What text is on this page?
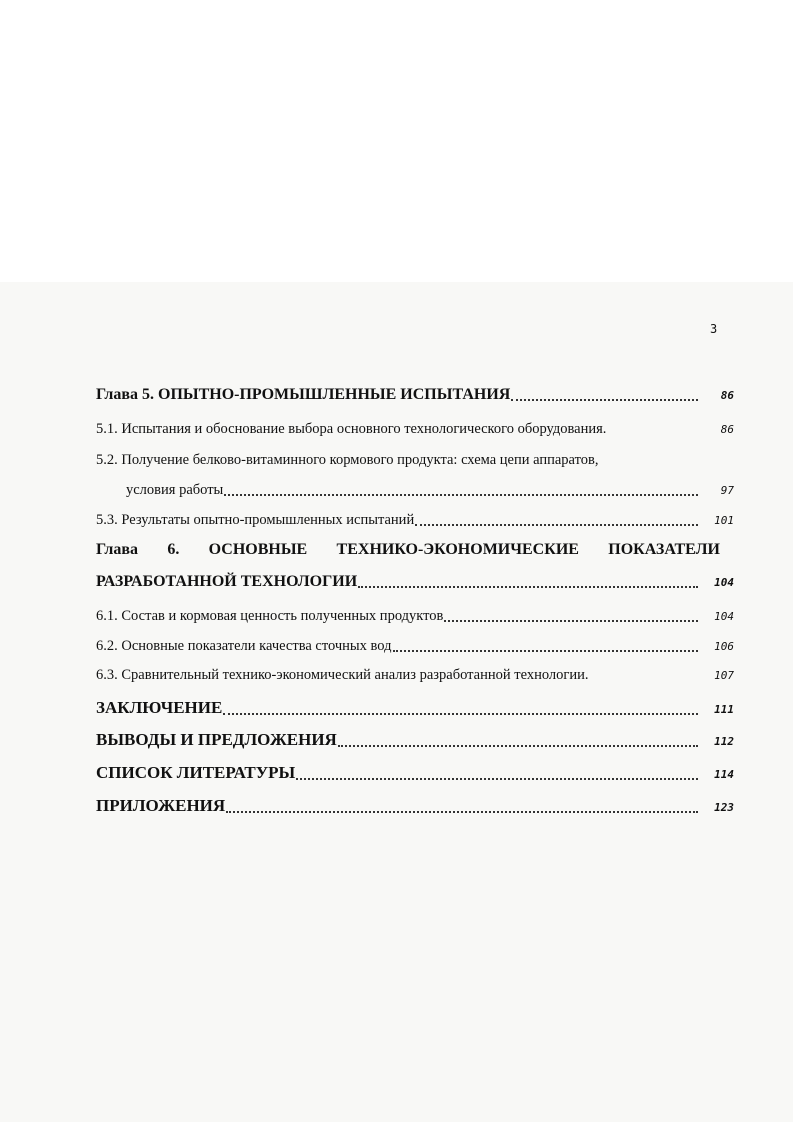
3
Глава 5. ОПЫТНО-ПРОМЫШЛЕННЫЕ ИСПЫТАНИЯ	86
5.1. Испытания и обоснование выбора основного технологического оборудования.	86
5.2. Получение белково-витаминного кормового продукта: схема цепи аппаратов,
условия работы	97
5.3. Результаты опытно-промышленных испытаний	101
Глава 6. ОСНОВНЫЕ ТЕХНИКО-ЭКОНОМИЧЕСКИЕ ПОКАЗАТЕЛИ
РАЗРАБОТАННОЙ ТЕХНОЛОГИИ	104
6.1. Состав и кормовая ценность полученных продуктов	104
6.2. Основные показатели качества сточных вод	106
6.3. Сравнительный технико-экономический анализ разработанной технологии.	107
ЗАКЛЮЧЕНИЕ	111
ВЫВОДЫ И ПРЕДЛОЖЕНИЯ	112
СПИСОК ЛИТЕРАТУРЫ	114
ПРИЛОЖЕНИЯ	123
